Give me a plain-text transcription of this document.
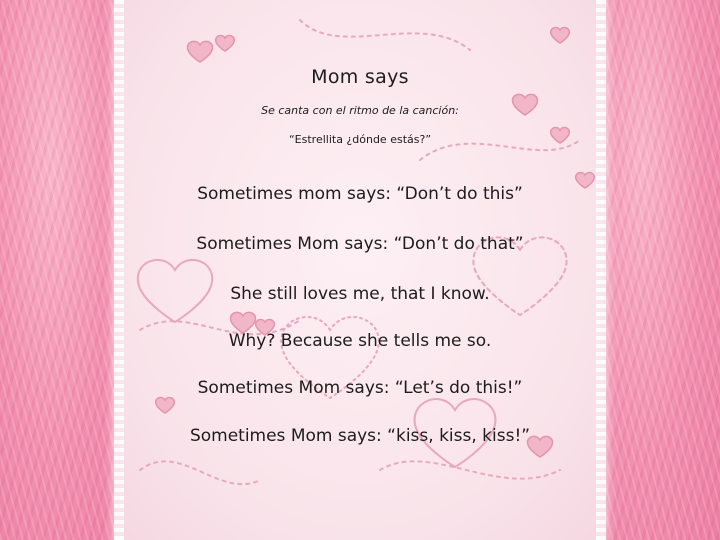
Mom says
Se canta con el ritmo de la canción:
“Estrellita ¿dónde estás?”
Sometimes mom says: “Don’t do this”
Sometimes Mom says: “Don’t do that”
She still loves me, that I know.
Why? Because she tells me so.
Sometimes Mom says: “Let’s do this!”
Sometimes Mom says: “kiss, kiss, kiss!”
